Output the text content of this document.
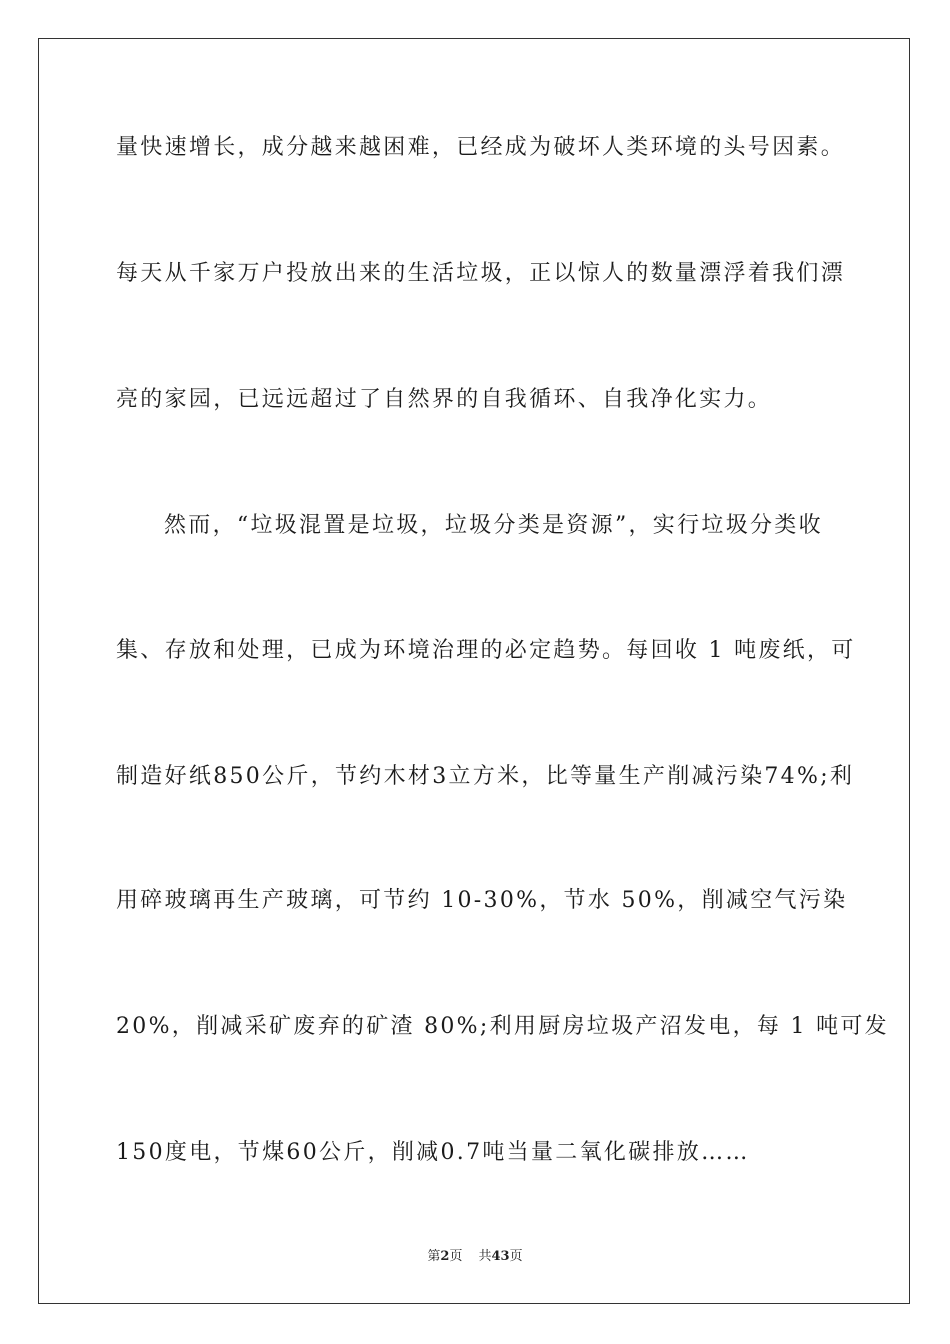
量快速增长，成分越来越困难，已经成为破坏人类环境的头号因素。
每天从千家万户投放出来的生活垃圾，正以惊人的数量漂浮着我们漂
亮的家园，已远远超过了自然界的自我循环、自我净化实力。
然而，“垃圾混置是垃圾，垃圾分类是资源”，实行垃圾分类收
集、存放和处理，已成为环境治理的必定趋势。每回收 1 吨废纸，可
制造好纸850公斤，节约木材3立方米，比等量生产削减污染74%;利
用碎玻璃再生产玻璃，可节约 10-30%，节水 50%，削减空气污染
20%，削减采矿废弃的矿渣 80%;利用厨房垃圾产沼发电，每 1 吨可发
150度电，节煤60公斤，削减0.7吨当量二氧化碳排放……
第2页 共43页
